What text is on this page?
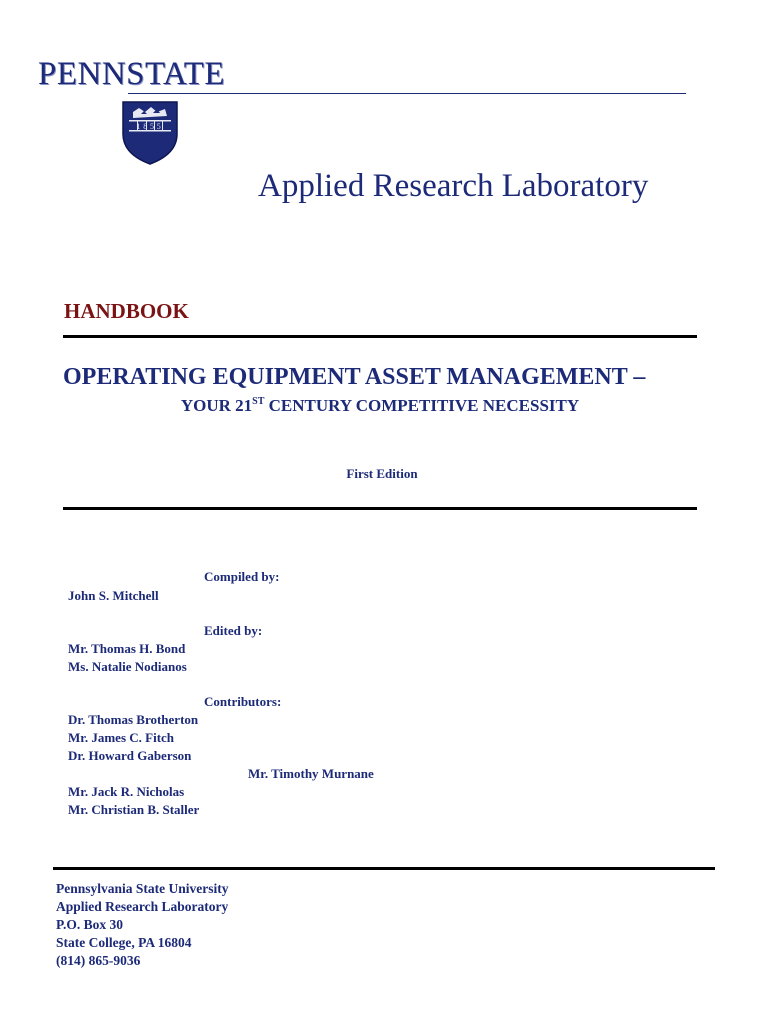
PENNSTATE
1855
Applied Research Laboratory
HANDBOOK
OPERATING EQUIPMENT ASSET MANAGEMENT –
YOUR 21ST CENTURY COMPETITIVE NECESSITY
First Edition
Compiled by:
John S. Mitchell
Edited by:
Mr. Thomas H. Bond
Ms. Natalie Nodianos
Contributors:
Dr. Thomas Brotherton
Mr. James C. Fitch
Dr. Howard Gaberson
Mr. Timothy Murnane
Mr. Jack R. Nicholas
Mr. Christian B. Staller
Pennsylvania State University
Applied Research Laboratory
P.O. Box 30
State College, PA 16804
(814) 865-9036
